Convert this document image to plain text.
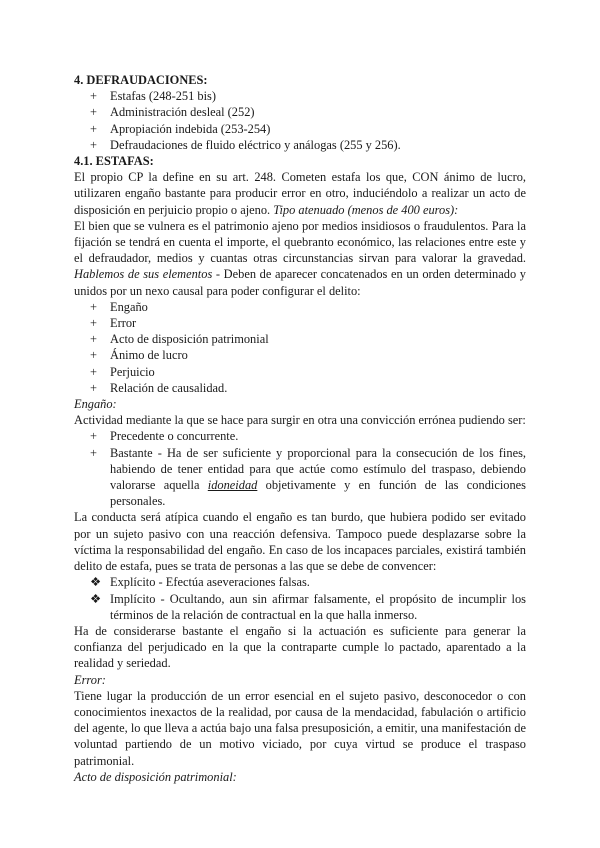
4. DEFRAUDACIONES:

+	Estafas (248-251 bis)
+	Administración desleal (252)
+	Apropiación indebida (253-254)
+	Defraudaciones de fluido eléctrico y análogas (255 y 256).

4.1. ESTAFAS:

El propio CP la define en su art. 248. Cometen estafa los que, CON ánimo de lucro, utilizaren engaño bastante para producir error en otro, induciéndolo a realizar un acto de disposición en perjuicio propio o ajeno. Tipo atenuado (menos de 400 euros):

El bien que se vulnera es el patrimonio ajeno por medios insidiosos o fraudulentos. Para la fijación se tendrá en cuenta el importe, el quebranto económico, las relaciones entre este y el defraudador, medios y cuantas otras circunstancias sirvan para valorar la gravedad. Hablemos de sus elementos - Deben de aparecer concatenados en un orden determinado y unidos por un nexo causal para poder configurar el delito:

+	Engaño
+	Error
+	Acto de disposición patrimonial
+	Ánimo de lucro
+	Perjuicio
+	Relación de causalidad.

Engaño:

Actividad mediante la que se hace para surgir en otra una convicción errónea pudiendo ser:

+	Precedente o concurrente.
+	Bastante - Ha de ser suficiente y proporcional para la consecución de los fines, habiendo de tener entidad para que actúe como estímulo del traspaso, debiendo valorarse aquella idoneidad objetivamente y en función de las condiciones personales.

La conducta será atípica cuando el engaño es tan burdo, que hubiera podido ser evitado por un sujeto pasivo con una reacción defensiva. Tampoco puede desplazarse sobre la víctima la responsabilidad del engaño. En caso de los incapaces parciales, existirá también delito de estafa, pues se trata de personas a las que se debe de convencer:

❖ Explícito - Efectúa aseveraciones falsas.
❖ Implícito - Ocultando, aun sin afirmar falsamente, el propósito de incumplir los términos de la relación de contractual en la que halla inmerso.

Ha de considerarse bastante el engaño si la actuación es suficiente para generar la confianza del perjudicado en la que la contraparte cumple lo pactado, aparentado a la realidad y seriedad.

Error:

Tiene lugar la producción de un error esencial en el sujeto pasivo, desconocedor o con conocimientos inexactos de la realidad, por causa de la mendacidad, fabulación o artificio del agente, lo que lleva a actúa bajo una falsa presuposición, a emitir, una manifestación de voluntad partiendo de un motivo viciado, por cuya virtud se produce el traspaso patrimonial.

Acto de disposición patrimonial:
